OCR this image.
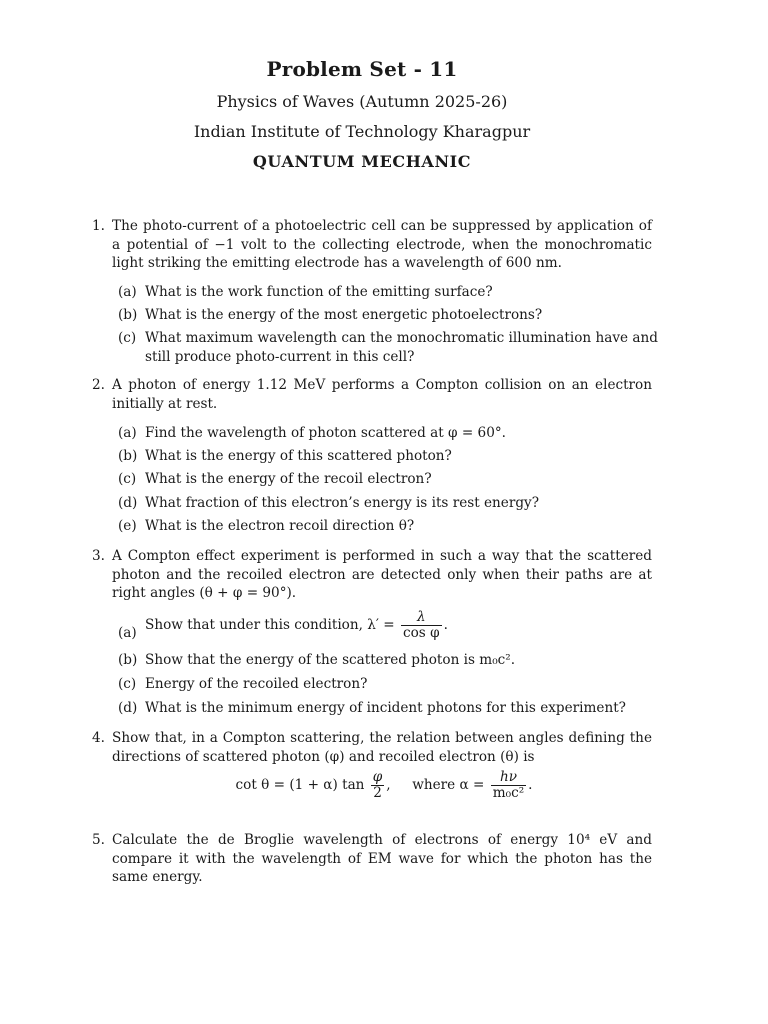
Problem Set - 11
Physics of Waves (Autumn 2025-26)
Indian Institute of Technology Kharagpur
QUANTUM MECHANIC
1. The photo-current of a photoelectric cell can be suppressed by application of a potential of −1 volt to the collecting electrode, when the monochromatic light striking the emitting electrode has a wavelength of 600 nm.
(a) What is the work function of the emitting surface?
(b) What is the energy of the most energetic photoelectrons?
(c) What maximum wavelength can the monochromatic illumination have and still produce photo-current in this cell?
2. A photon of energy 1.12 MeV performs a Compton collision on an electron initially at rest.
(a) Find the wavelength of photon scattered at φ = 60°.
(b) What is the energy of this scattered photon?
(c) What is the energy of the recoil electron?
(d) What fraction of this electron’s energy is its rest energy?
(e) What is the electron recoil direction θ?
3. A Compton effect experiment is performed in such a way that the scattered photon and the recoiled electron are detected only when their paths are at right angles (θ + φ = 90°).
(a) Show that under this condition, $\lambda' = \frac{\lambda}{\text{cos φ}}$ .
(b) Show that the energy of the scattered photon is m₀c².
(c) Energy of the recoiled electron?
(d) What is the minimum energy of incident photons for this experiment?
4. Show that, in a Compton scattering, the relation between angles defining the directions of scattered photon (φ) and recoiled electron (θ) is
cot θ = (1 + α) $\tan \frac{\varphi}{2}$ ,     where $\alpha = \frac{h\nu}{\text{m₀c²}}$ .
5. Calculate the de Broglie wavelength of electrons of energy 10⁴ eV and compare it with the wavelength of EM wave for which the photon has the same energy.
